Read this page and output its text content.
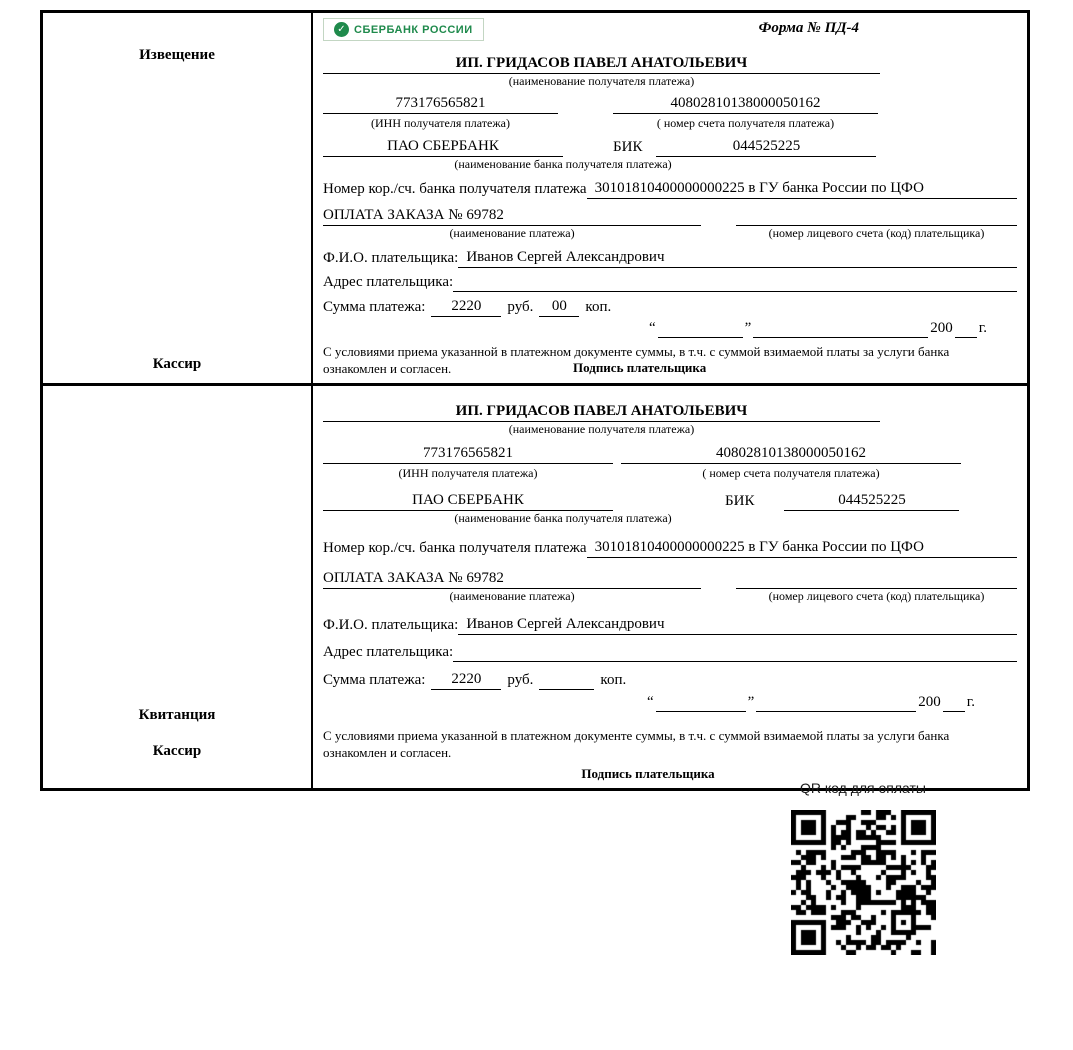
Извещение
Кассир
✓ СБЕРБАНК РОССИИ	Форма № ПД-4
ИП. ГРИДАСОВ ПАВЕЛ АНАТОЛЬЕВИЧ
(наименование получателя платежа)
773176565821	40802810138000050162
(ИНН получателя платежа)	( номер счета получателя платежа)
ПАО СБЕРБАНК	БИК	044525225
(наименование банка получателя платежа)
Номер кор./сч. банка получателя платежа 30101810400000000225 в ГУ банка России по ЦФО
ОПЛАТА ЗАКАЗА № 69782
(наименование платежа)	(номер лицевого счета (код) плательщика)
Ф.И.О. плательщика: Иванов Сергей Александрович
Адрес плательщика:
Сумма платежа:	2220	руб.	00	коп.
“	”	200 г.
С условиями приема указанной в платежном документе суммы, в т.ч. с суммой взимаемой платы за услуги банка ознакомлен и согласен.	Подпись плательщика
Квитанция
Кассир
ИП. ГРИДАСОВ ПАВЕЛ АНАТОЛЬЕВИЧ
(наименование получателя платежа)
773176565821	40802810138000050162
(ИНН получателя платежа)	( номер счета получателя платежа)
ПАО СБЕРБАНК	БИК	044525225
(наименование банка получателя платежа)
Номер кор./сч. банка получателя платежа 30101810400000000225 в ГУ банка России по ЦФО
ОПЛАТА ЗАКАЗА № 69782
(наименование платежа)	(номер лицевого счета (код) плательщика)
Ф.И.О. плательщика: Иванов Сергей Александрович
Адрес плательщика:
Сумма платежа:	2220	руб.	коп.
“	”	200 г.
С условиями приема указанной в платежном документе суммы, в т.ч. с суммой взимаемой платы за услуги банка ознакомлен и согласен.
Подпись плательщика
QR код для оплаты
